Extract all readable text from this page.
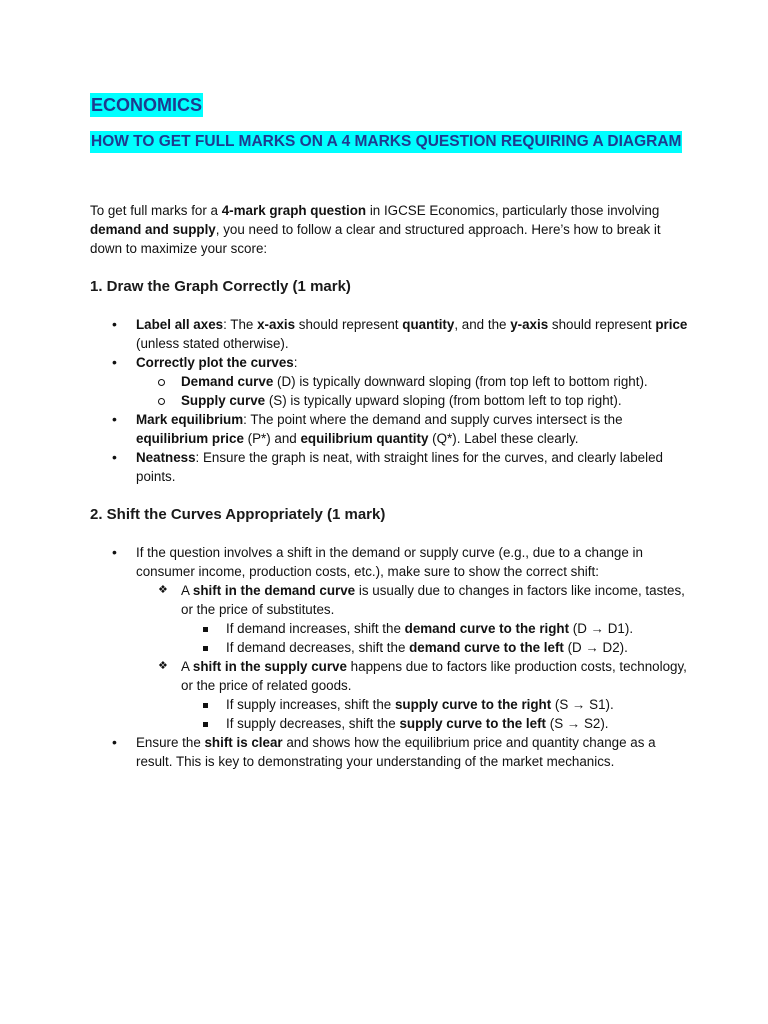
ECONOMICS
HOW TO GET FULL MARKS ON A 4 MARKS QUESTION REQUIRING A DIAGRAM
To get full marks for a 4-mark graph question in IGCSE Economics, particularly those involving demand and supply, you need to follow a clear and structured approach. Here’s how to break it down to maximize your score:
1. Draw the Graph Correctly (1 mark)
• Label all axes: The x-axis should represent quantity, and the y-axis should represent price (unless stated otherwise).
• Correctly plot the curves:
Demand curve (D) is typically downward sloping (from top left to bottom right).
Supply curve (S) is typically upward sloping (from bottom left to top right).
• Mark equilibrium: The point where the demand and supply curves intersect is the equilibrium price (P*) and equilibrium quantity (Q*). Label these clearly.
• Neatness: Ensure the graph is neat, with straight lines for the curves, and clearly labeled points.
2. Shift the Curves Appropriately (1 mark)
• If the question involves a shift in the demand or supply curve (e.g., due to a change in consumer income, production costs, etc.), make sure to show the correct shift:
❖ A shift in the demand curve is usually due to changes in factors like income, tastes, or the price of substitutes.
If demand increases, shift the demand curve to the right (D → D1).
If demand decreases, shift the demand curve to the left (D → D2).
❖ A shift in the supply curve happens due to factors like production costs, technology, or the price of related goods.
If supply increases, shift the supply curve to the right (S → S1).
If supply decreases, shift the supply curve to the left (S → S2).
• Ensure the shift is clear and shows how the equilibrium price and quantity change as a result. This is key to demonstrating your understanding of the market mechanics.
